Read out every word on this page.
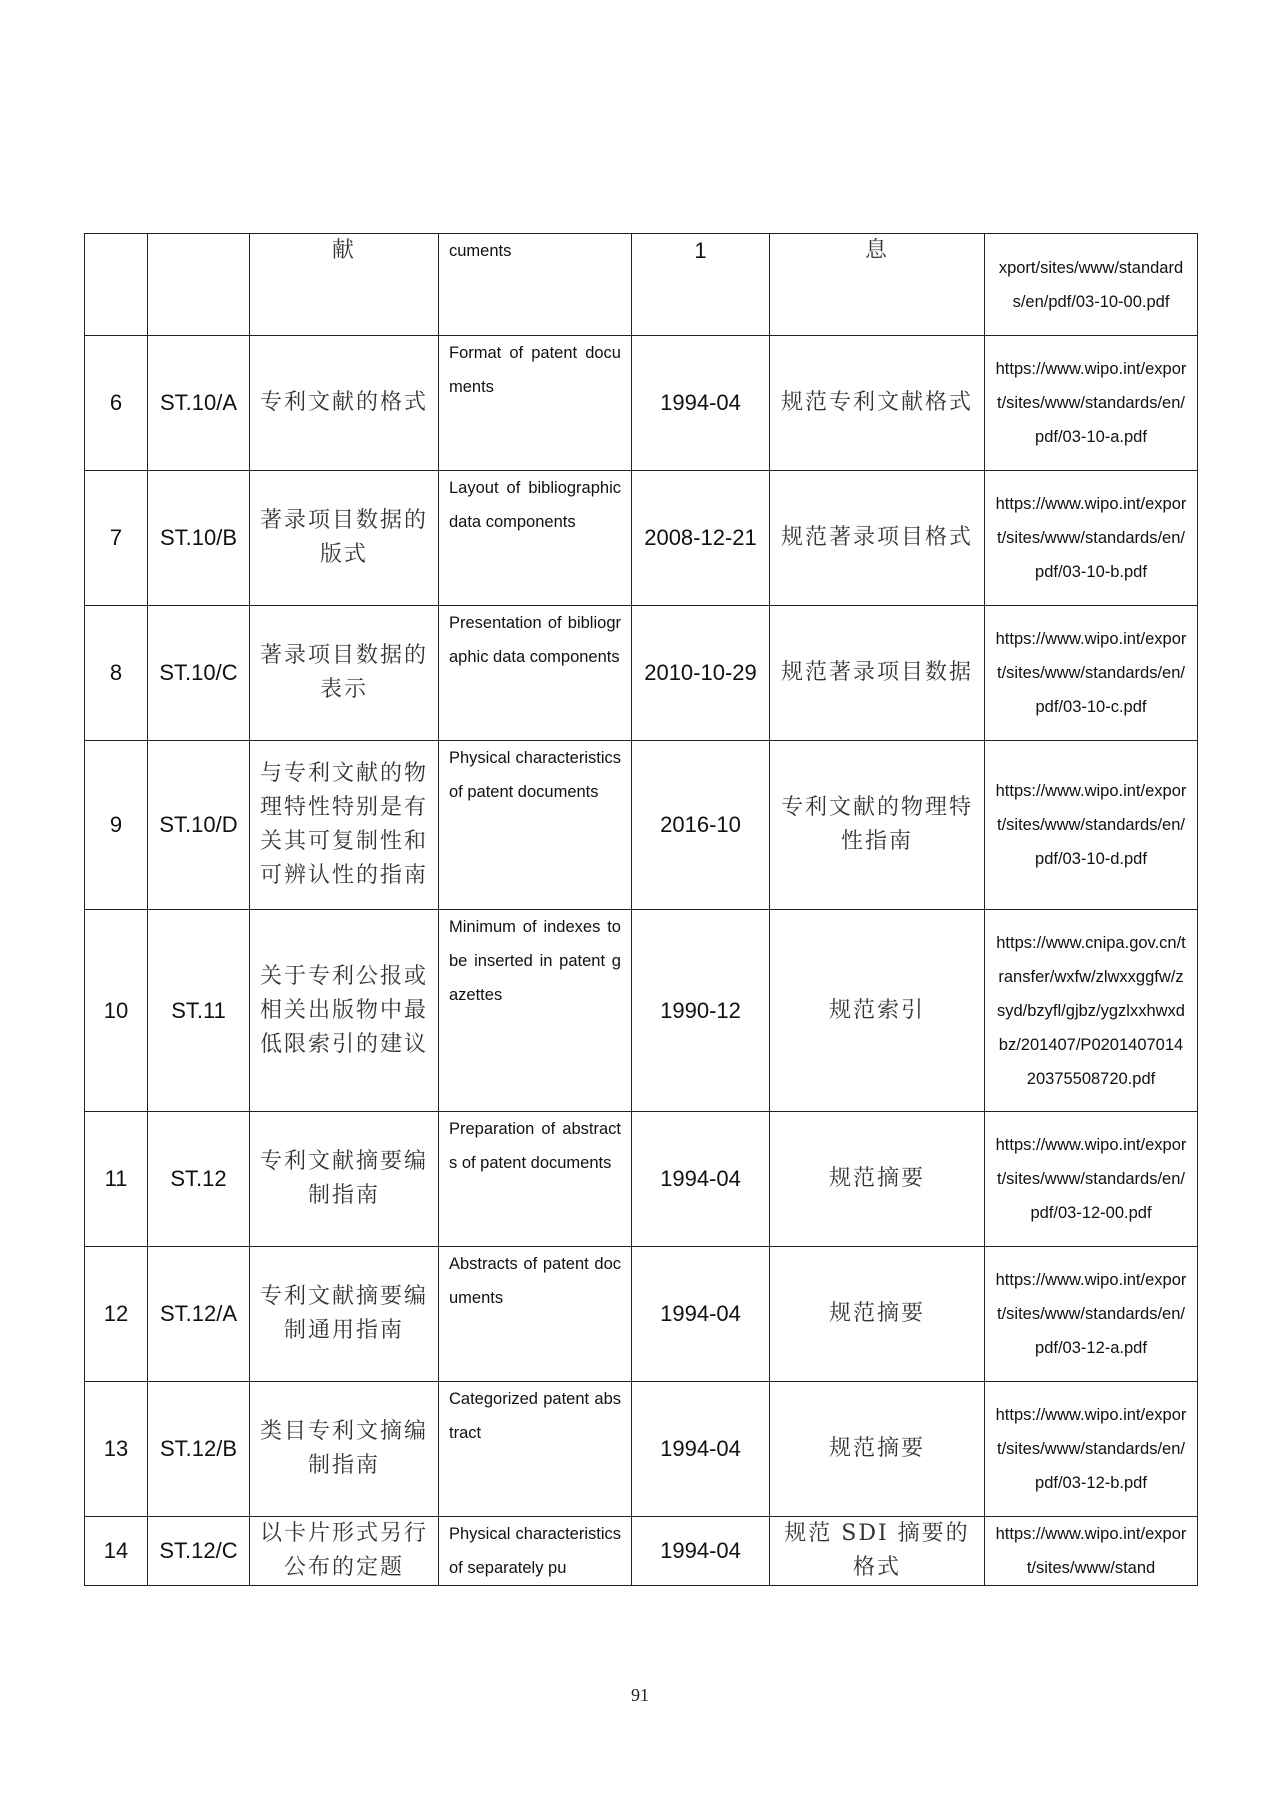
		献	cuments	1	息	xport/sites/www/standards/en/pdf/03-10-00.pdf
6	ST.10/A	专利文献的格式	Format of patent documents	1994-04	规范专利文献格式	https://www.wipo.int/export/sites/www/standards/en/pdf/03-10-a.pdf
7	ST.10/B	著录项目数据的版式	Layout of bibliographic data components	2008-12-21	规范著录项目格式	https://www.wipo.int/export/sites/www/standards/en/pdf/03-10-b.pdf
8	ST.10/C	著录项目数据的表示	Presentation of bibliographic data components	2010-10-29	规范著录项目数据	https://www.wipo.int/export/sites/www/standards/en/pdf/03-10-c.pdf
9	ST.10/D	与专利文献的物理特性特别是有关其可复制性和可辨认性的指南	Physical characteristics of patent documents	2016-10	专利文献的物理特性指南	https://www.wipo.int/export/sites/www/standards/en/pdf/03-10-d.pdf
10	ST.11	关于专利公报或相关出版物中最低限索引的建议	Minimum of indexes to be inserted in patent gazettes	1990-12	规范索引	https://www.cnipa.gov.cn/transfer/wxfw/zlwxxggfw/zsyd/bzyfl/gjbz/ygzlxxhwxdbz/201407/P020140701420375508720.pdf
11	ST.12	专利文献摘要编制指南	Preparation of abstracts of patent documents	1994-04	规范摘要	https://www.wipo.int/export/sites/www/standards/en/pdf/03-12-00.pdf
12	ST.12/A	专利文献摘要编制通用指南	Abstracts of patent documents	1994-04	规范摘要	https://www.wipo.int/export/sites/www/standards/en/pdf/03-12-a.pdf
13	ST.12/B	类目专利文摘编制指南	Categorized patent abstract	1994-04	规范摘要	https://www.wipo.int/export/sites/www/standards/en/pdf/03-12-b.pdf
14	ST.12/C	以卡片形式另行公布的定题	Physical characteristics of separately pu	1994-04	规范 SDI 摘要的格式	https://www.wipo.int/export/sites/www/stand
91
